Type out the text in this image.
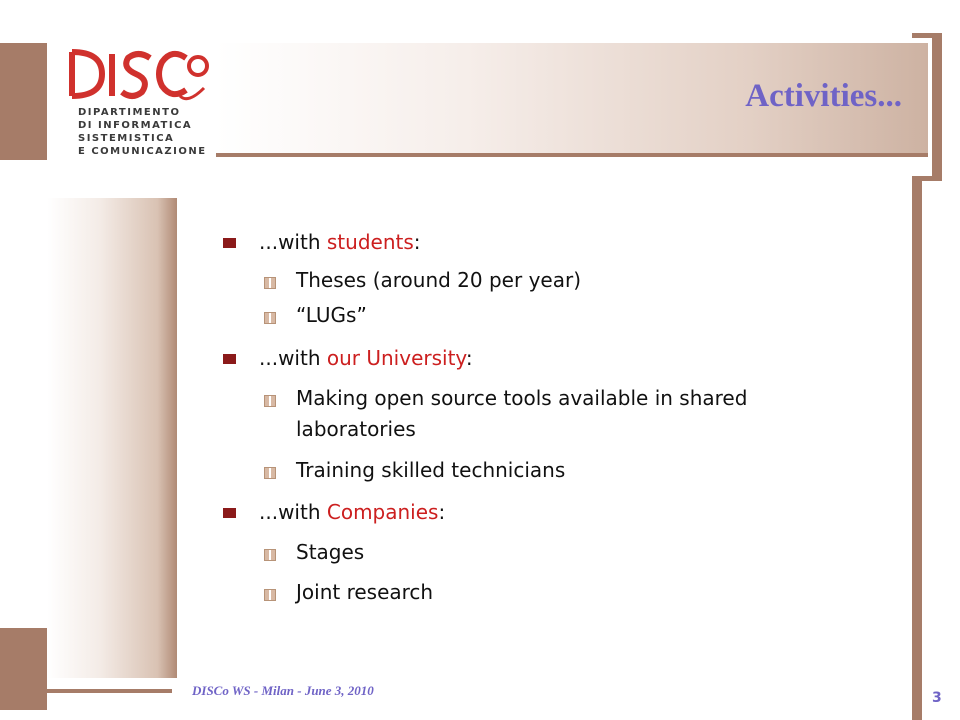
DIPARTIMENTO
DI INFORMATICA
SISTEMISTICA
E COMUNICAZIONE
Activities...
...with students:
Theses (around 20 per year)
“LUGs”
...with our University:
Making open source tools available in shared laboratories
Training skilled technicians
...with Companies:
Stages
Joint research
DISCo WS - Milan - June 3, 2010	3
